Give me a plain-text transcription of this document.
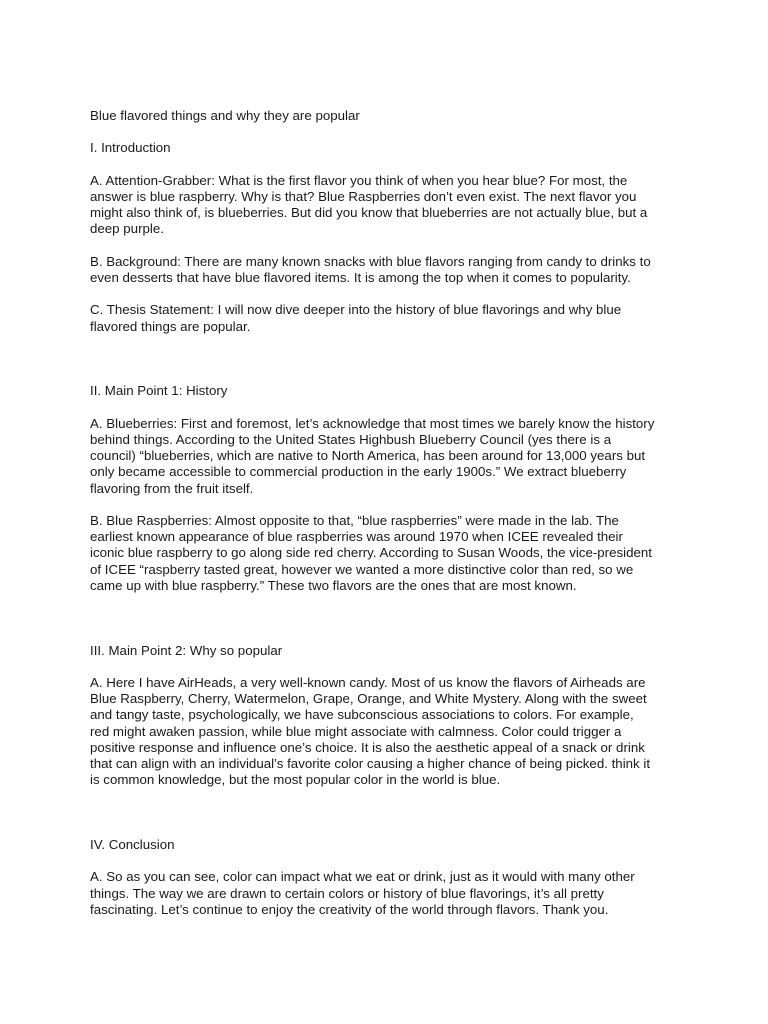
Blue flavored things and why they are popular

I. Introduction

A. Attention-Grabber: What is the first flavor you think of when you hear blue? For most, the

answer is blue raspberry. Why is that? Blue Raspberries don’t even exist. The next flavor you

might also think of, is blueberries. But did you know that blueberries are not actually blue, but a

deep purple.

B. Background: There are many known snacks with blue flavors ranging from candy to drinks to

even desserts that have blue flavored items. It is among the top when it comes to popularity.

C. Thesis Statement: I will now dive deeper into the history of blue flavorings and why blue

flavored things are popular.

II. Main Point 1: History

A. Blueberries: First and foremost, let’s acknowledge that most times we barely know the history

behind things. According to the United States Highbush Blueberry Council (yes there is a

council) “blueberries, which are native to North America, has been around for 13,000 years but

only became accessible to commercial production in the early 1900s.” We extract blueberry

flavoring from the fruit itself.

B. Blue Raspberries: Almost opposite to that, “blue raspberries” were made in the lab. The

earliest known appearance of blue raspberries was around 1970 when ICEE revealed their

iconic blue raspberry to go along side red cherry. According to Susan Woods, the vice-president

of ICEE “raspberry tasted great, however we wanted a more distinctive color than red, so we

came up with blue raspberry.” These two flavors are the ones that are most known.

III. Main Point 2: Why so popular

A. Here I have AirHeads, a very well-known candy. Most of us know the flavors of Airheads are

Blue Raspberry, Cherry, Watermelon, Grape, Orange, and White Mystery. Along with the sweet

and tangy taste, psychologically, we have subconscious associations to colors. For example,

red might awaken passion, while blue might associate with calmness. Color could trigger a

positive response and influence one’s choice. It is also the aesthetic appeal of a snack or drink

that can align with an individual’s favorite color causing a higher chance of being picked. think it

is common knowledge, but the most popular color in the world is blue.

IV. Conclusion

A. So as you can see, color can impact what we eat or drink, just as it would with many other

things. The way we are drawn to certain colors or history of blue flavorings, it’s all pretty

fascinating. Let’s continue to enjoy the creativity of the world through flavors. Thank you.
